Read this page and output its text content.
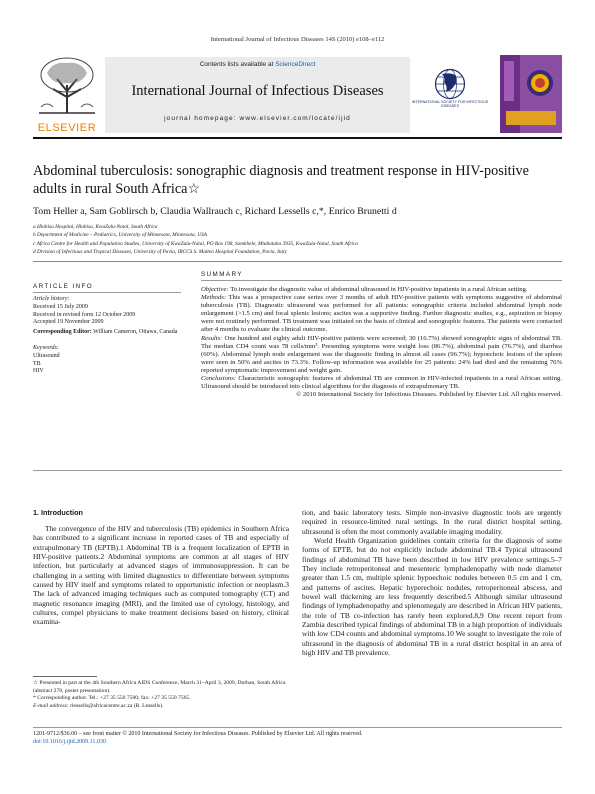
International Journal of Infectious Diseases 14S (2010) e108–e112
ELSEVIER
Contents lists available at ScienceDirect
International Journal of Infectious Diseases
journal homepage: www.elsevier.com/locate/ijid
INTERNATIONAL SOCIETY FOR INFECTIOUS DISEASES
Abdominal tuberculosis: sonographic diagnosis and treatment response in HIV-positive adults in rural South Africa☆
Tom Heller a, Sam Goblirsch b, Claudia Wallrauch c, Richard Lessells c,*, Enrico Brunetti d
a Hlabisa Hospital, Hlabisa, KwaZulu-Natal, South Africa
b Department of Medicine – Pediatrics, University of Minnesota, Minnesota, USA
c Africa Centre for Health and Population Studies, University of KwaZulu-Natal, PO Box 198, Somkhele, Mtubatuba 3935, KwaZulu-Natal, South Africa
d Division of Infectious and Tropical Diseases, University of Pavia, IRCCS S. Matteo Hospital Foundation, Pavia, Italy
ARTICLE INFO
Article history:
Received 15 July 2009
Received in revised form 12 October 2009
Accepted 19 November 2009
Corresponding Editor: William Cameron, Ottawa, Canada
Keywords:
Ultrasound
TB
HIV
SUMMARY

Objective: To investigate the diagnostic value of abdominal ultrasound in HIV-positive inpatients in a rural African setting.

Methods: This was a prospective case series over 3 months of adult HIV-positive patients with symptoms suggestive of abdominal tuberculosis (TB). Diagnostic ultrasound was performed for all patients: sonographic criteria included abdominal lymph node enlargement (>1.5 cm) and focal splenic lesions; ascites was a supportive finding. Further diagnostic studies, e.g., aspiration or biopsy were not routinely performed. TB treatment was initiated on the basis of clinical and sonographic features. The patients were contacted after 4 months to evaluate the clinical outcome.

Results: One hundred and eighty adult HIV-positive patients were screened; 30 (16.7%) showed sonographic signs of abdominal TB. The median CD4 count was 78 cells/mm³. Presenting symptoms were weight loss (86.7%), abdominal pain (76.7%), and diarrhea (60%). Abdominal lymph node enlargement was the diagnostic finding in almost all cases (96.7%); hypoechoic lesions of the spleen were seen in 50% and ascites in 73.3%. Follow-up information was available for 25 patients: 24% had died and the remaining 76% reported symptomatic improvement and weight gain.

Conclusions: Characteristic sonographic features of abdominal TB are common in HIV-infected inpatients in a rural African setting. Ultrasound should be introduced into clinical algorithms for the diagnosis of extrapulmonary TB.

© 2010 International Society for Infectious Diseases. Published by Elsevier Ltd. All rights reserved.

1. Introduction

The convergence of the HIV and tuberculosis (TB) epidemics in Southern Africa has contributed to a significant increase in reported cases of TB and especially of extrapulmonary TB (EPTB).1 Abdominal TB is a frequent localization of EPTB in HIV-positive patients.2 Abdominal symptoms are common at all stages of HIV infection, but particularly at advanced stages of immunosuppression. It can be challenging in a setting with limited diagnostics to differentiate between symptoms caused by HIV itself and symptoms related to opportunistic infection or neoplasm.3 The lack of advanced imaging techniques such as computed tomography (CT) and magnetic resonance imaging (MRI), and the limited use of cytology, histology, and cultures, compel physicians to make treatment decisions based on history, clinical examina-

tion, and basic laboratory tests. Simple non-invasive diagnostic tools are urgently required in resource-limited rural settings. In the rural district hospital setting, ultrasound is often the most commonly available imaging modality.

World Health Organization guidelines contain criteria for the diagnosis of some forms of EPTB, but do not explicitly include abdominal TB.4 Typical ultrasound findings of abdominal TB have been described in low HIV prevalence settings.5–7 They include retroperitoneal and mesenteric lymphadenopathy with node diameter greater than 1.5 cm, multiple splenic hypoechoic nodules between 0.5 cm and 1 cm, and patterns of ascites. Hepatic hyperechoic nodules, retroperitoneal abscess, and bowel wall thickening are less frequently described.5 Although similar ultrasound findings of lymphadenopathy and splenomegaly are described in African HIV patients, the role of TB co-infection has rarely been explored.8,9 One recent report from Zambia described typical findings of abdominal TB in a high proportion of individuals with low CD4 counts and abdominal symptoms.10 We sought to investigate the role of ultrasound in the diagnosis of abdominal TB in a rural district hospital in an area of high HIV and TB prevalence.

☆ Presented in part at the 4th Southern Africa AIDS Conference, March 31–April 3, 2009, Durban, South Africa (abstract 278, poster presentation).
* Corresponding author. Tel.: +27 35 550 7500; fax: +27 35 550 7565.
E-mail address: rlessells@africacentre.ac.za (R. Lessells).
1201-9712/$36.00 – see front matter © 2010 International Society for Infectious Diseases. Published by Elsevier Ltd. All rights reserved.
doi:10.1016/j.ijid.2009.11.030
